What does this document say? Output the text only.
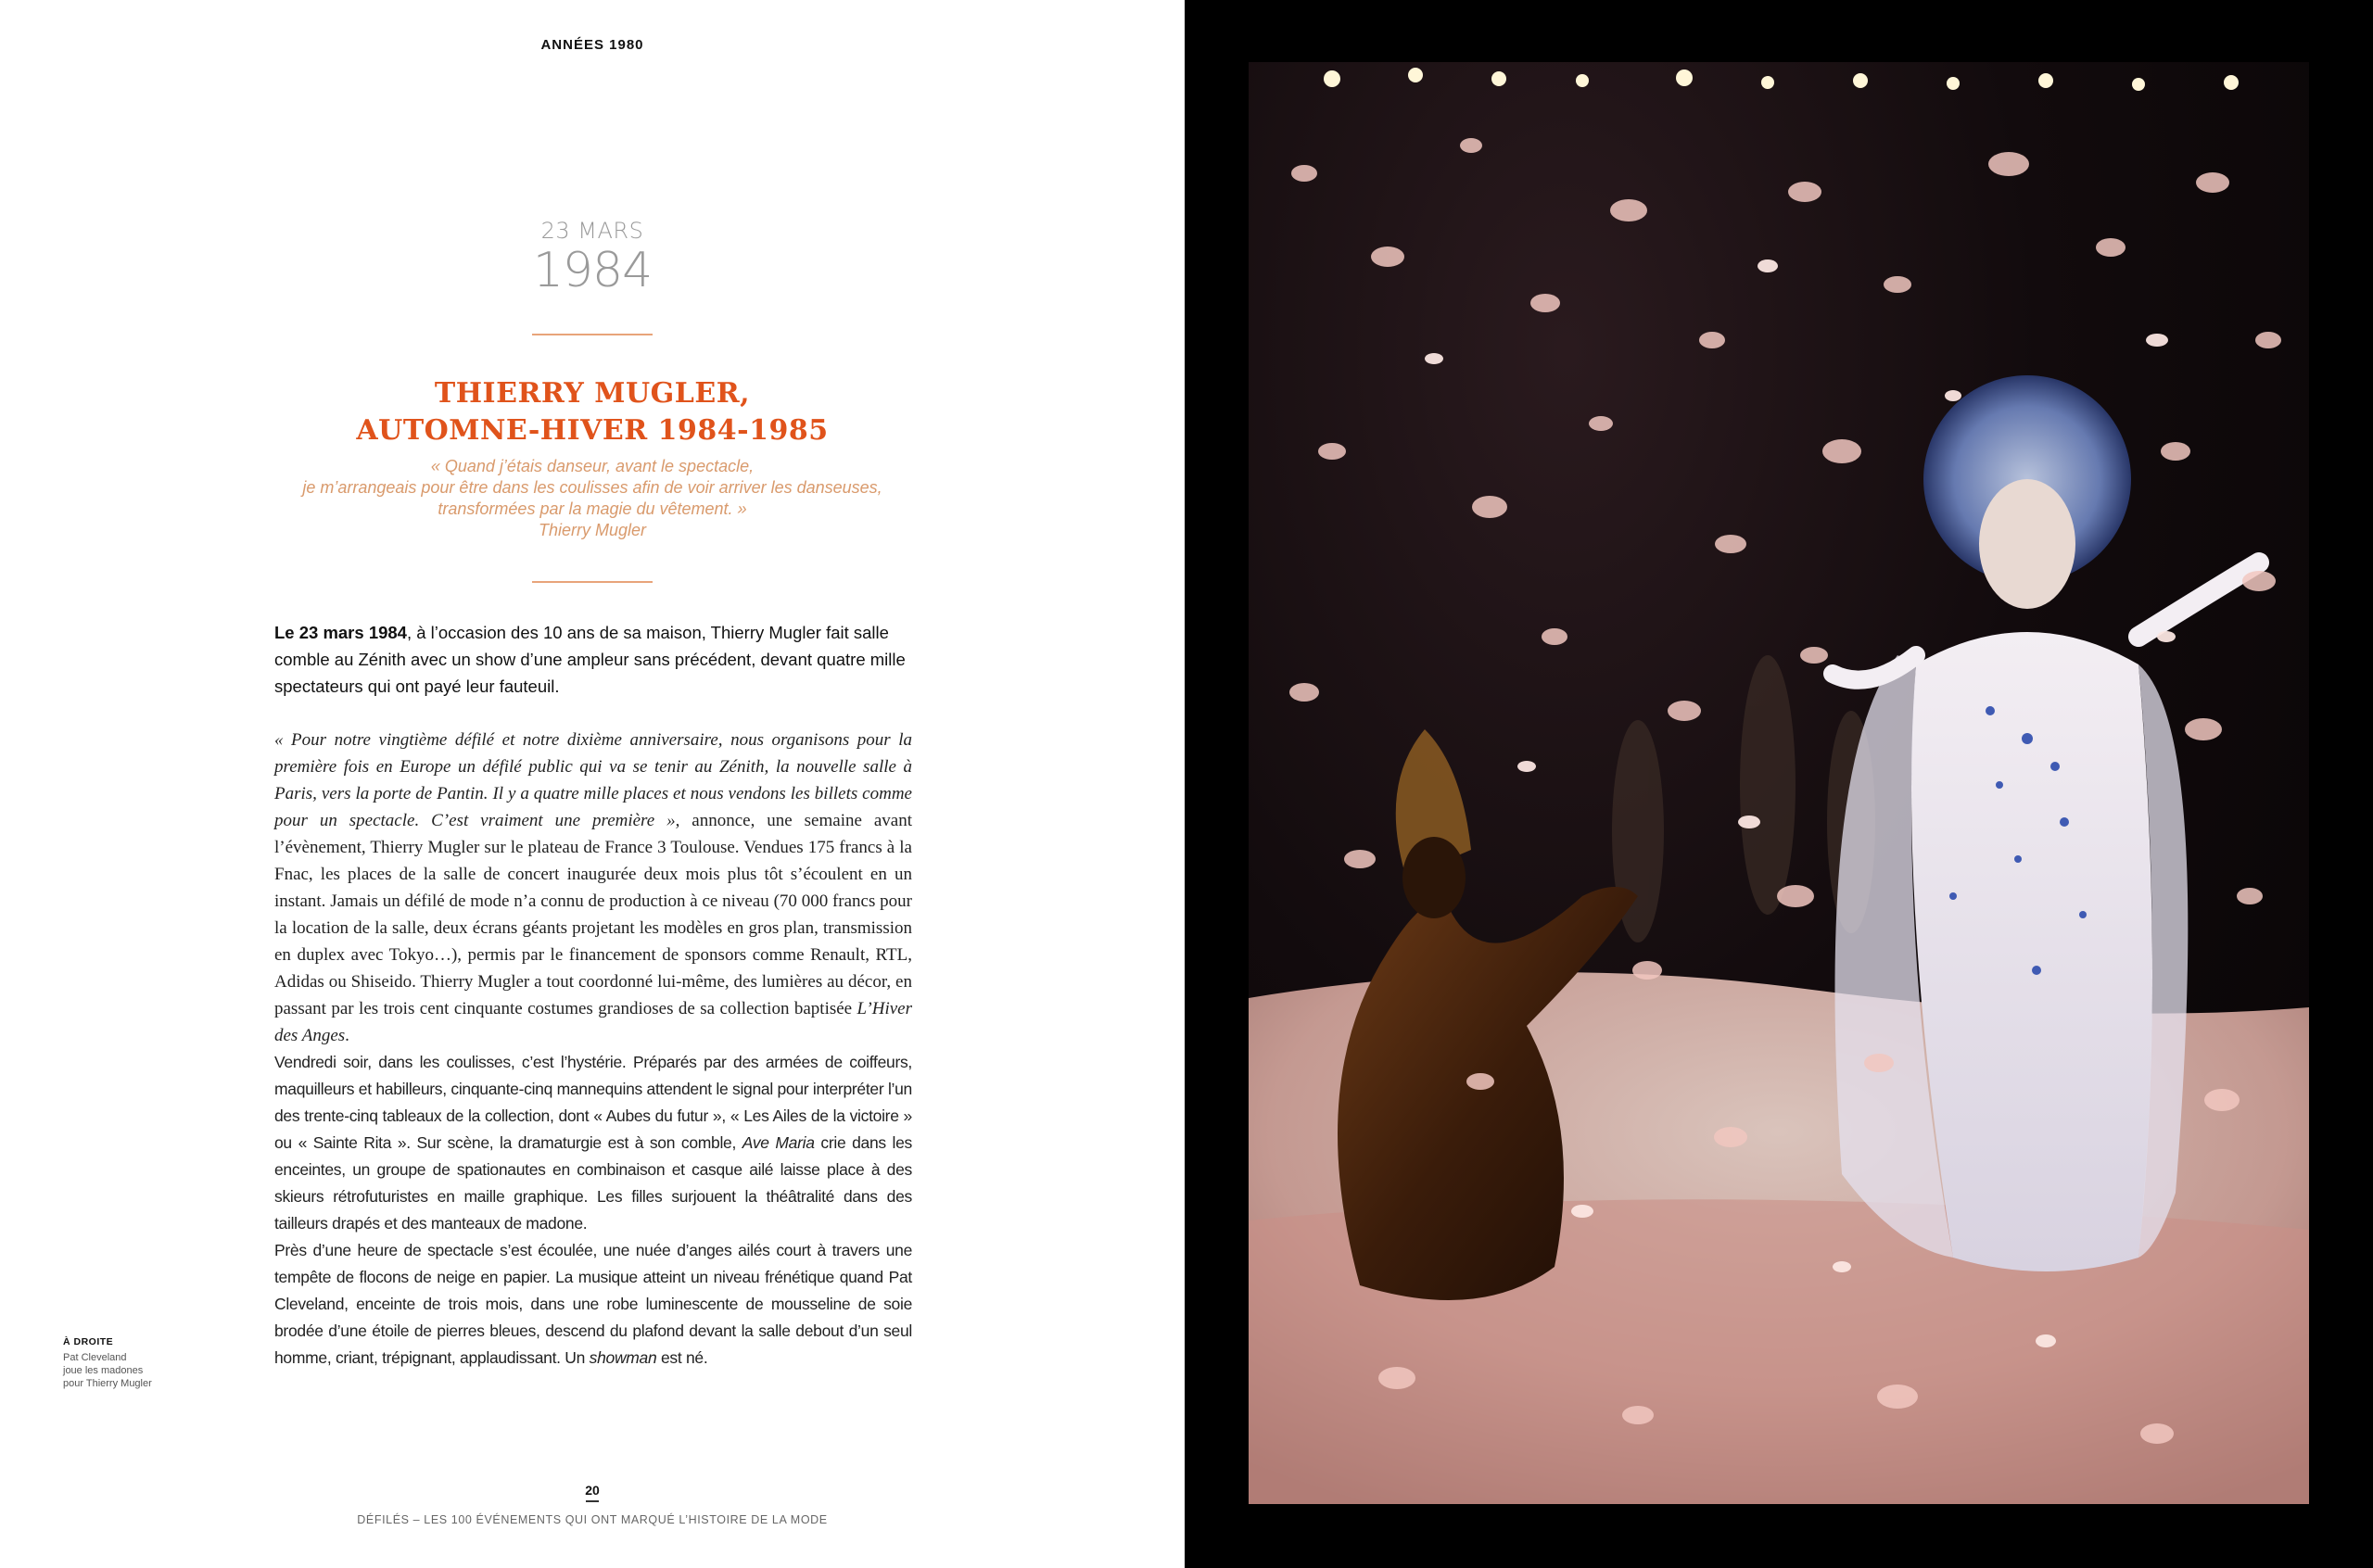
ANNÉES 1980
23 MARS
1984
THIERRY MUGLER,
AUTOMNE-HIVER 1984-1985
« Quand j’étais danseur, avant le spectacle,
je m’arrangeais pour être dans les coulisses afin de voir arriver les danseuses,
transformées par la magie du vêtement. »
Thierry Mugler
Le 23 mars 1984, à l’occasion des 10 ans de sa maison, Thierry Mugler fait salle comble au Zénith avec un show d’une ampleur sans précédent, devant quatre mille spectateurs qui ont payé leur fauteuil.

« Pour notre vingtième défilé et notre dixième anniversaire, nous organisons pour la première fois en Europe un défilé public qui va se tenir au Zénith, la nouvelle salle à Paris, vers la porte de Pantin. Il y a quatre mille places et nous vendons les billets comme pour un spectacle. C’est vraiment une première », annonce, une semaine avant l’évènement, Thierry Mugler sur le plateau de France 3 Toulouse. Vendues 175 francs à la Fnac, les places de la salle de concert inaugurée deux mois plus tôt s’écoulent en un instant. Jamais un défilé de mode n’a connu de production à ce niveau (70 000 francs pour la location de la salle, deux écrans géants projetant les modèles en gros plan, transmission en duplex avec Tokyo…), permis par le financement de sponsors comme Renault, RTL, Adidas ou Shiseido. Thierry Mugler a tout coordonné lui-même, des lumières au décor, en passant par les trois cent cinquante costumes grandioses de sa collection baptisée L’Hiver des Anges.

Vendredi soir, dans les coulisses, c’est l’hystérie. Préparés par des armées de coiffeurs, maquilleurs et habilleurs, cinquante-cinq mannequins attendent le signal pour interpréter l’un des trente-cinq tableaux de la collection, dont « Aubes du futur », « Les Ailes de la victoire » ou « Sainte Rita ». Sur scène, la dramaturgie est à son comble, Ave Maria crie dans les enceintes, un groupe de spationautes en combinaison et casque ailé laisse place à des skieurs rétrofuturistes en maille graphique. Les filles surjouent la théâtralité dans des tailleurs drapés et des manteaux de madone.

Près d’une heure de spectacle s’est écoulée, une nuée d’anges ailés court à travers une tempête de flocons de neige en papier. La musique atteint un niveau frénétique quand Pat Cleveland, enceinte de trois mois, dans une robe luminescente de mousseline de soie brodée d’une étoile de pierres bleues, descend du plafond devant la salle debout d’un seul homme, criant, trépignant, applaudissant. Un showman est né.

À DROITE
Pat Cleveland
joue les madones
pour Thierry Mugler
20
DÉFILÉS – LES 100 ÉVÉNEMENTS QUI ONT MARQUÉ L’HISTOIRE DE LA MODE
